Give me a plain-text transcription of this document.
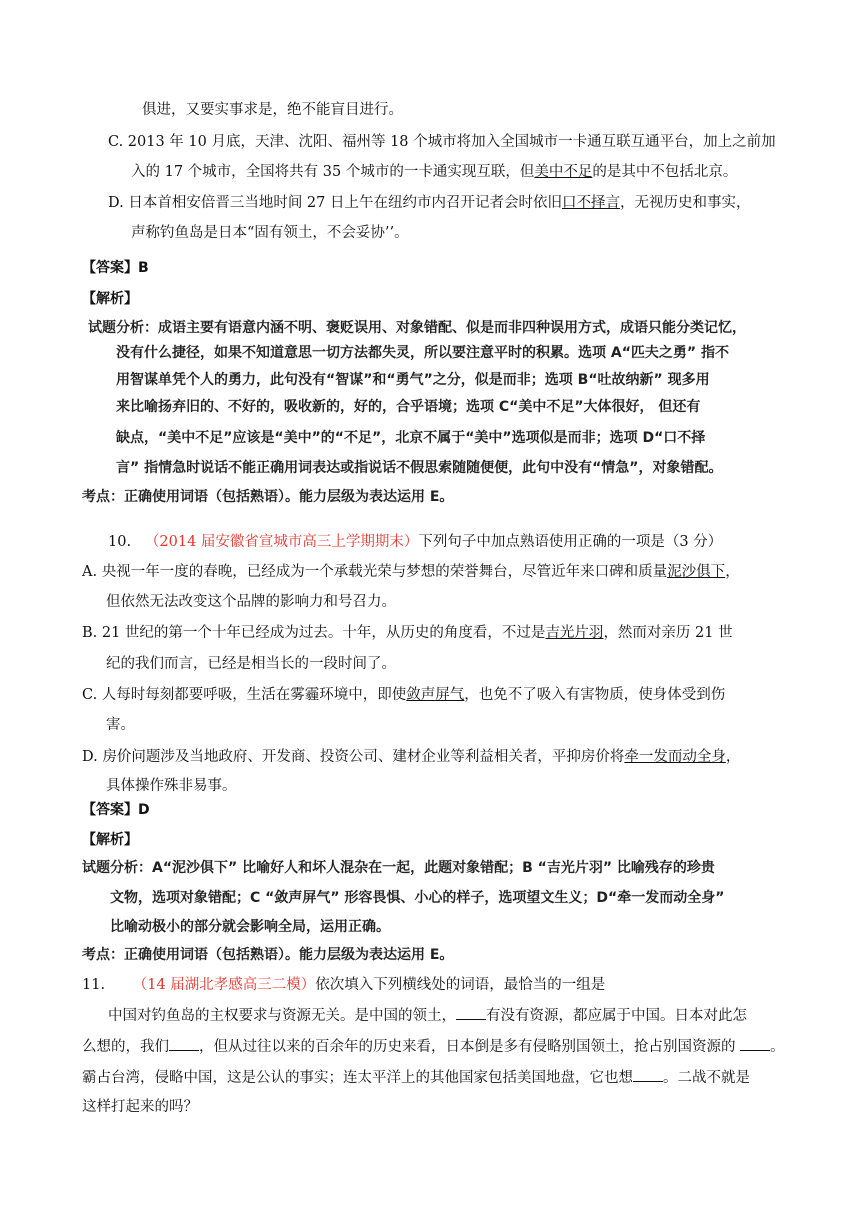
俱进，又要实事求是，绝不能盲目进行。
C. 2013 年 10 月底，天津、沈阳、福州等 18 个城市将加入全国城市一卡通互联互通平台，加上之前加
入的 17 个城市，全国将共有 35 个城市的一卡通实现互联，但美中不足的是其中不包括北京。
D. 日本首相安倍晋三当地时间 27 日上午在纽约市内召开记者会时依旧口不择言，无视历史和事实，
声称钓鱼岛是日本“固有领土，不会妥协’’。
【答案】B
【解析】
试题分析：成语主要有语意内涵不明、褒贬误用、对象错配、似是而非四种误用方式，成语只能分类记忆，
没有什么捷径，如果不知道意思一切方法都失灵，所以要注意平时的积累。选项 A“匹夫之勇” 指不
用智谋单凭个人的勇力，此句没有“智谋”和“勇气”之分，似是而非；选项 B“吐故纳新” 现多用
来比喻扬弃旧的、不好的，吸收新的，好的，合乎语境；选项 C“美中不足”大体很好， 但还有
缺点，“美中不足”应该是“美中”的“不足”，北京不属于“美中”选项似是而非；选项 D“口不择
言” 指情急时说话不能正确用词表达或指说话不假思索随随便便，此句中没有“情急”，对象错配。
考点：正确使用词语（包括熟语）。能力层级为表达运用 E。
10. （2014 届安徽省宣城市高三上学期期末）下列句子中加点熟语使用正确的一项是（3 分）
A. 央视一年一度的春晚，已经成为一个承载光荣与梦想的荣誉舞台，尽管近年来口碑和质量泥沙俱下，
但依然无法改变这个品牌的影响力和号召力。
B. 21 世纪的第一个十年已经成为过去。十年，从历史的角度看，不过是吉光片羽，然而对亲历 21 世
纪的我们而言，已经是相当长的一段时间了。
C. 人每时每刻都要呼吸，生活在雾霾环境中，即使敛声屏气，也免不了吸入有害物质，使身体受到伤
害。
D. 房价问题涉及当地政府、开发商、投资公司、建材企业等利益相关者，平抑房价将牵一发而动全身，
具体操作殊非易事。
【答案】D
【解析】
试题分析：A“泥沙俱下” 比喻好人和坏人混杂在一起，此题对象错配；B “吉光片羽” 比喻残存的珍贵
文物，选项对象错配；C “敛声屏气” 形容畏惧、小心的样子，选项望文生义；D“牵一发而动全身”
比喻动极小的部分就会影响全局，运用正确。
考点：正确使用词语（包括熟语）。能力层级为表达运用 E。
11. （14 届湖北孝感高三二模）依次填入下列横线处的词语，最恰当的一组是
中国对钓鱼岛的主权要求与资源无关。是中国的领土， 有没有资源，都应属于中国。日本对此怎
么想的，我们 ，但从过往以来的百余年的历史来看，日本倒是多有侵略别国领土，抢占别国资源的 。
霸占台湾，侵略中国，这是公认的事实；连太平洋上的其他国家包括美国地盘，它也想 。二战不就是
这样打起来的吗？
